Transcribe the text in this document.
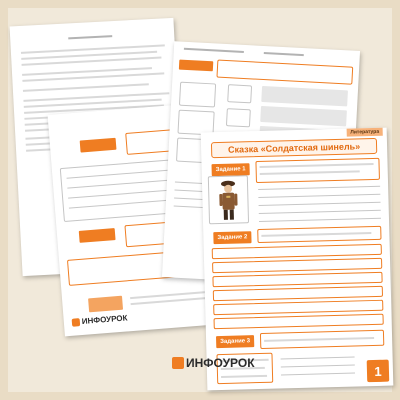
ИНФОУРОК
Литература
Сказка «Солдатская шинель»
Задание 1
Задание 2
Задание 3
1
ИНФОУРОК
